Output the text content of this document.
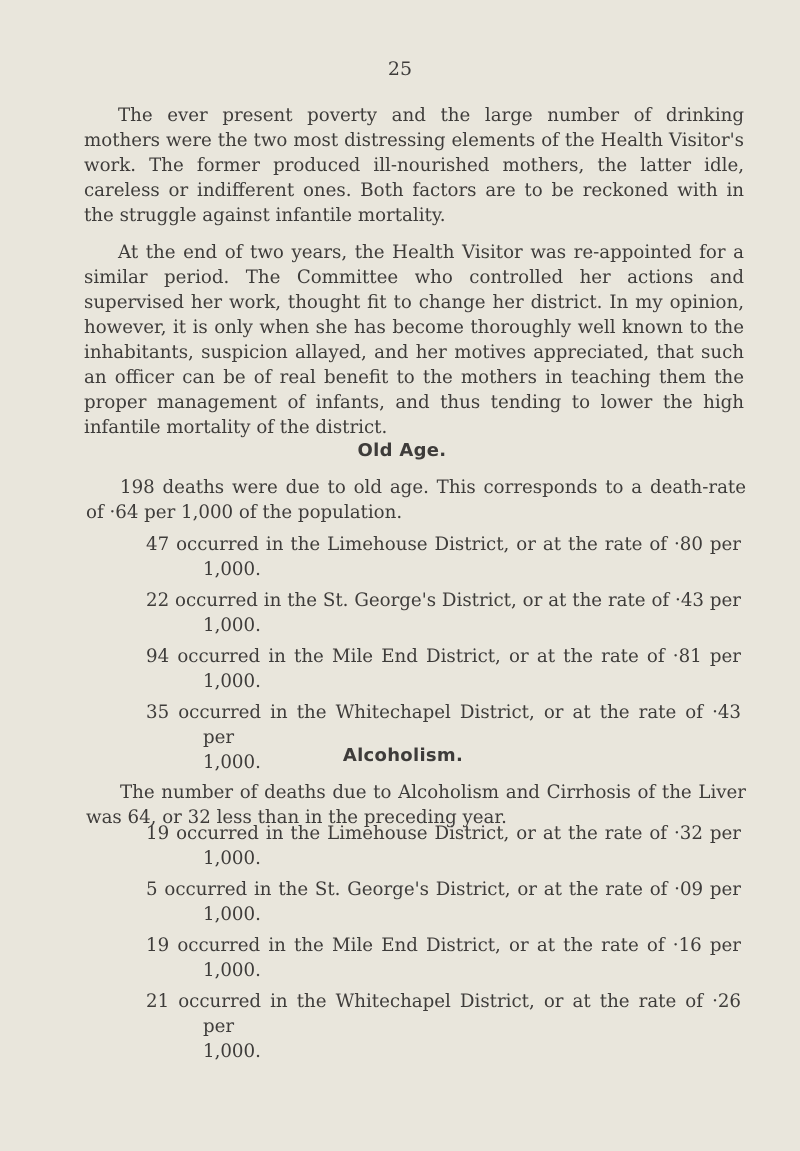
25

The ever present poverty and the large number of drinking mothers were the two most distressing elements of the Health Visitor's work. The former produced ill-nourished mothers, the latter idle, careless or indifferent ones. Both factors are to be reckoned with in the struggle against infantile mortality.

At the end of two years, the Health Visitor was re-appointed for a similar period. The Committee who controlled her actions and supervised her work, thought fit to change her district. In my opinion, however, it is only when she has become thoroughly well known to the inhabitants, suspicion allayed, and her motives appreciated, that such an officer can be of real benefit to the mothers in teaching them the proper management of infants, and thus tending to lower the high infantile mortality of the district.

Old Age.

198 deaths were due to old age. This corresponds to a death-rate of ·64 per 1,000 of the population.

47 occurred in the Limehouse District, or at the rate of ·80 per
1,000.
22 occurred in the St. George's District, or at the rate of ·43 per
1,000.
94 occurred in the Mile End District, or at the rate of ·81 per
1,000.
35 occurred in the Whitechapel District, or at the rate of ·43 per
1,000.	Alcoholism.

The number of deaths due to Alcoholism and Cirrhosis of the Liver was 64, or 32 less than in the preceding year.

19 occurred in the Limehouse District, or at the rate of ·32 per
1,000.
5 occurred in the St. George's District, or at the rate of ·09 per
1,000.
19 occurred in the Mile End District, or at the rate of ·16 per
1,000.
21 occurred in the Whitechapel District, or at the rate of ·26 per
1,000.
